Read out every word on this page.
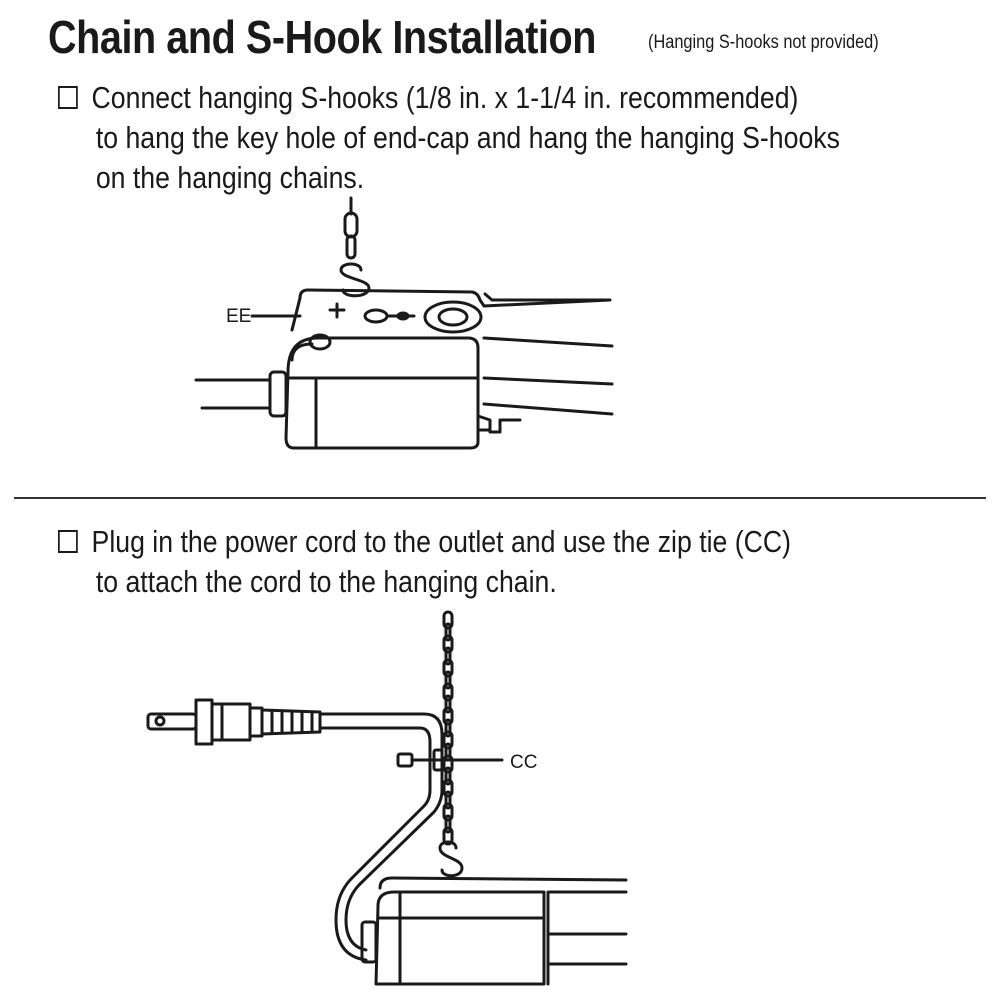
Chain and S-Hook Installation	(Hanging S-hooks not provided)
Connect hanging S-hooks (1/8 in. x 1-1/4 in. recommended)
to hang the key hole of end-cap and hang the hanging S-hooks
on the hanging chains.
Plug in the power cord to the outlet and use the zip tie (CC)
to attach the cord to the hanging chain.
EE
CC
